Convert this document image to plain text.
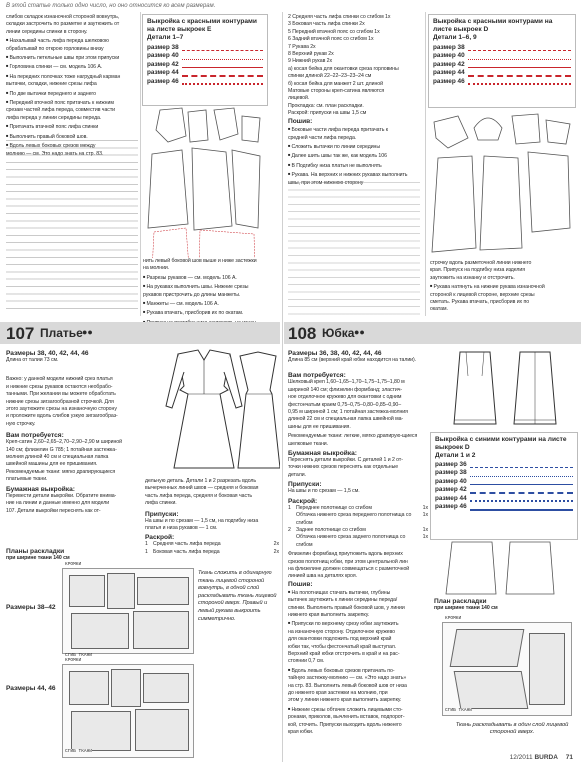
В этой статье только одно число, но оно относится ко всем размерам.

слибов складок изнаночной стороной вовнутрь,

складки застрочить по разметке и заутюжить от

линии середины спинки в сторону.

■ Нахалывай часть лифа переда шелковою

обрабатывай по открою горловины внизу

■ Выполнить петельные швы при этом припуски

■ Горловина спинки — см. модель 106 А.

■ На передних полочках тоже нагрудный карман

вытачки, складки, нижние срезы лифа

■ По две вытачки переднего и заднего

■ Передний вточной пояс притачать к нижним

срезам частей лифа переда, совместив части

лифа переда у линии середины переда.

■ Притачать втачной пояс лифа спинки

■ Выполнить правый боковой шов.

■ Вдоль левых боковых срезов между

молнию — см. Это надо знать на стр. 83.

Выкройка с красными контурами на листе выкроек Е
Детали 1–7
размер 38
размер 40
размер 42
размер 44
размер 46

нить левый боковой шов выше и ниже застежки

на молнии.

■ Разрезы рукавов — см. модель 106 А.

■ На рукавах выполнить швы. Нижние срезы

рукавов пристрочить до длины манжеты.

■ Манжеты — см. модель 106 А.

■ Рукава втачать, присборив их по окатам.

■

2 Средняя часть лифа спинки со сгибом 1х

3 Боковая часть лифа спинки 2х

5 Передний втачной пояс со сгибом 1х

6 Задний втачной пояс со сгибом 1х

7 Рукава 2х

8 Верхний рукав 2х

9 Нижний рукав 2х

a) косая бейка для окантовки среза горловины

спинки длиной 22–22–23–23–24 см

б) косая бейка для манжет 2 шт. длиной

Матовые стороны креп-сатина являются

лицевой.

Прокладка: см. план раскладки.

Раскрой: припуски на швы 1,5 см

Пошив:

■ Боковые части лифа переда притачать к

средней части лифа переда.

■ Сложить вытачки по линии середины

■ Далее шить швы так же, как модель 106

■ В Подгибку низа платья не выполнять

■ Рукава. На верхних и нижних рукавах выполнить

швы, при этом нижнюю сторону

Выкройка с красными контурами на листе выкроек D
Детали 1–6, 9
размер 38
размер 40
размер 42
размер 44
размер 46

строчку вдоль разметочной линии нижнего

края. Припуск на подгибку низа изделия

заутюжить на изнанку и отстрочить.

■ Рукава натянуть на нижние рукава изнаночной

стороной к лицевой стороне, верхние срезы

сметать. Рукава втачать, присборив их по

окатам.

107 Платье ●●
Размеры 38, 40, 42, 44, 46
Длина от талии 73 см.

Важно: у данной модели нижний срез платья

и нижние срезы рукавов остаются необрабо-

танными. При желании вы можете обработать

нижние срезы зигзагообразной строчкой. Для

этого заутюжите срезы на изнаночную сторону

и проложите вдоль слибов узкую зигзагообраз-

ную строчку.

Вам потребуется:

Креп-сатин 2,60–2,65–2,70–2,90–2,90 м шириной

140 см; флизелин G 785; 1 потайная застежка-

молния длиной 40 см и специальная лапка

швейной машины для ее пришивания.

Рекомендуемые ткани: мягко драпирующиеся

платьевые ткани.

Бумажная выкройка:

Перевести детали выкройки. Обратите внима-

ние на линии и данные именно для модели

107. Детали выкройки переснять как от-

дельную деталь. Детали 1 и 2 разрезать вдоль

вычерченных линий швов — средняя и боковая

часть лифа переда, средняя и боковая часть

лифа спинки.

Припуски:

На швы и по срезам — 1,5 см, на подгибку низа

платья и низа рукавов — 1 см.

Раскрой:
1 Средняя часть лифа переда	2х
1 Боковая часть лифа переда	2х
Планы раскладки
при ширине ткани 140 см
Размеры 38–42
Размеры 44, 46
КРОМКИ
СГИБ ТКАНИ
КРОМКИ
СГИБ ТКАНИ
Ткань сложить в одинарную ткань лицевой стороной вовнутрь, в одной слой раскладывать ткань лицевой стороной вверх. Правый и левый рукава выкроить симметрично.
108 Юбка ●●
Размеры 36, 38, 40, 42, 44, 46
Длина 85 см (верхний край юбки находится на талии).
Вам потребуется:

Шелковый креп 1,60–1,65–1,70–1,75–1,75–1,80 м

шириной 140 см; флизелин формбанд; эластич-

ное отделочное кружево для окантовки с одним

фестончатым краем 0,75–0,75–0,80–0,85–0,90–

0,95 м шириной 1 см; 1 потайная застежка-молния

длиной 22 см и специальная лапка швейной ма-

шины для ее пришивания.

Рекомендуемые ткани: легкие, мягко драпирую-щиеся шелковые ткани.
Бумажная выкройка:

Переснять детали выкройки. С деталей 1 и 2 от-

точки нижних срезов переснять как отдельные

детали.

Припуски:
На швы и по срезам — 1,5 см.
Раскрой:
1 Переднее полотнище со сгибом	1х
Обтачка нижнего среза переднего полотнища со сгибом
1х
2 Заднее полотнище со сгибом	1х
Обтачка нижнего среза заднего полотнища со сгибом
1х

Флизелин формбанд приутюжить вдоль верхних

срезов полотнищ юбки, при этом центральной лин

на флизелине должен совмещаться с разметочной

линией шва на деталях кроя.

Пошив:

■ На полотнищах стачать вытачки, глубины

вытачек заутюжить к линии середины переда/

спинки. Выполнить правый боковой шов, у линии

нижнего края выполнить закрепку.

■ Припуски по верхнему срезу юбки заутюжить

на изнаночную сторону. Отделочное кружево

для окантовки подложить под верхний край

юбки так, чтобы фестончатый край выступал.

Верхний край юбки отстрочить в край и на рас-

стоянии 0,7 см.

■ Вдоль левых боковых срезов притачать по-

тайную застежку-молнию — см. «Это надо знать»

на стр. 83. Выполнить левый боковой шов от низа

до нижнего края застежки на молнию, при

этом у линии нижнего края выполнить закрепку.

■ Нижние срезы обтачек сложить лицевыми сто-

ронами, приколов, вычленить вставок, подпорот-

кой, сточить. Припуски выходить вдоль нижнего

края юбки.

Выкройка с синими контурами на листе выкроек D
Детали 1 и 2
размер 36
размер 38
размер 40
размер 42
размер 44
размер 46
План раскладки
при ширине ткани 140 см
КРОМКИ
СГИБ ТКАНИ
Ткань раскладывать в один слой лицевой стороной вверх.
12/2011 BURDA 71
